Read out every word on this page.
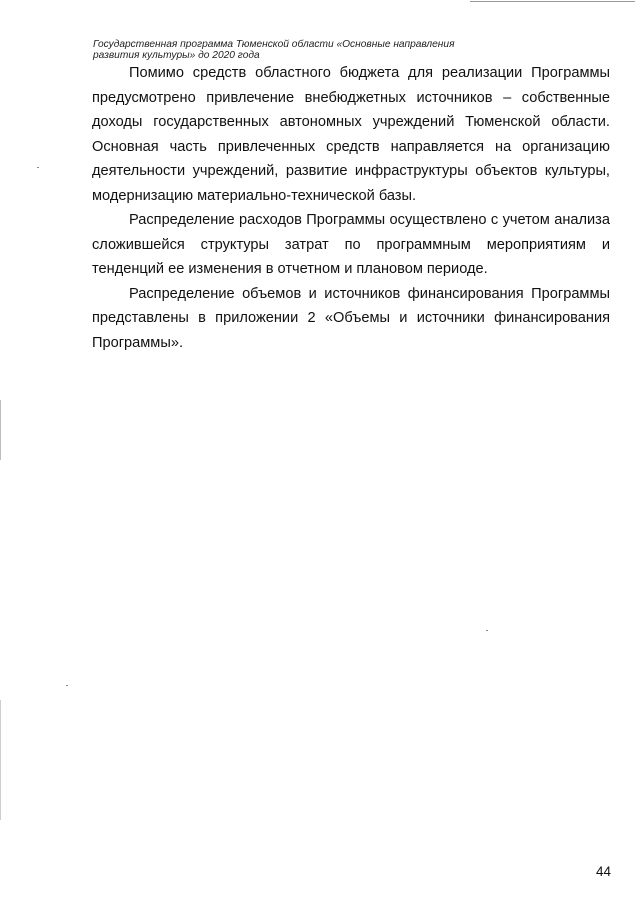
Государственная программа Тюменской области «Основные направления
развития культуры» до 2020 года

Помимо средств областного бюджета для реализации Программы предусмотрено привлечение внебюджетных источников – собственные доходы государственных автономных учреждений Тюменской области. Основная часть привлеченных средств направляется на организацию деятельности учреждений, развитие инфраструктуры объектов культуры, модернизацию материально-технической базы.

Распределение расходов Программы осуществлено с учетом анализа сложившейся структуры затрат по программным мероприятиям и тенденций ее изменения в отчетном и плановом периоде.

Распределение объемов и источников финансирования Программы представлены в приложении 2 «Объемы и источники финансирования Программы».

44
